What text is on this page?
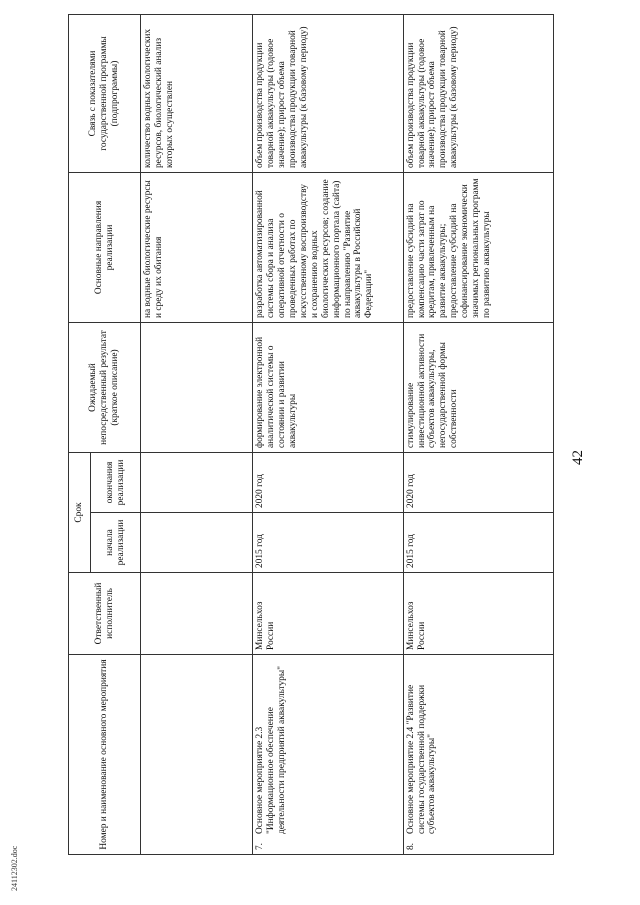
42
24112302.doc
Номер и наименование основного мероприятия	Ответственный исполнитель	Срок		Ожидаемый непосредственный результат (краткое описание)	Основные направления реализации	Связь с показателями государственной программы (подпрограммы)
		начала реализации	окончания реализации			
					на водные биологические ресурсы и среду их обитания	количество водных биологических ресурсов, биологический анализ которых осуществлен
7.Основное мероприятие 2.3 "Информационное обеспечение деятельности предприятий аквакультуры"	Минсельхоз России	2015 год	2020 год	формирование электронной аналитической системы о состоянии и развитии аквакультуры	разработка автоматизированной системы сбора и анализа оперативной отчетности о проведенных работах по искусственному воспроизводству и сохранению водных биологических ресурсов; создание информационного портала (сайта) по направлению "Развитие аквакультуры в Российской Федерации"	объем производства продукции товарной аквакультуры (годовое значение); прирост объема производства продукции товарной аквакультуры (к базовому периоду)
8.Основное мероприятие 2.4 "Развитие системы государственной поддержки субъектов аквакультуры"	Минсельхоз России	2015 год	2020 год	стимулирование инвестиционной активности субъектов аквакультуры, негосударственной формы собственности	предоставление субсидий на компенсацию части затрат по кредитам, привлеченным на развитие аквакультуры; предоставление субсидий на софинансирование экономически значимых региональных программ по развитию аквакультуры	объем производства продукции товарной аквакультуры (годовое значение); прирост объема производства продукции товарной аквакультуры (к базовому периоду)
